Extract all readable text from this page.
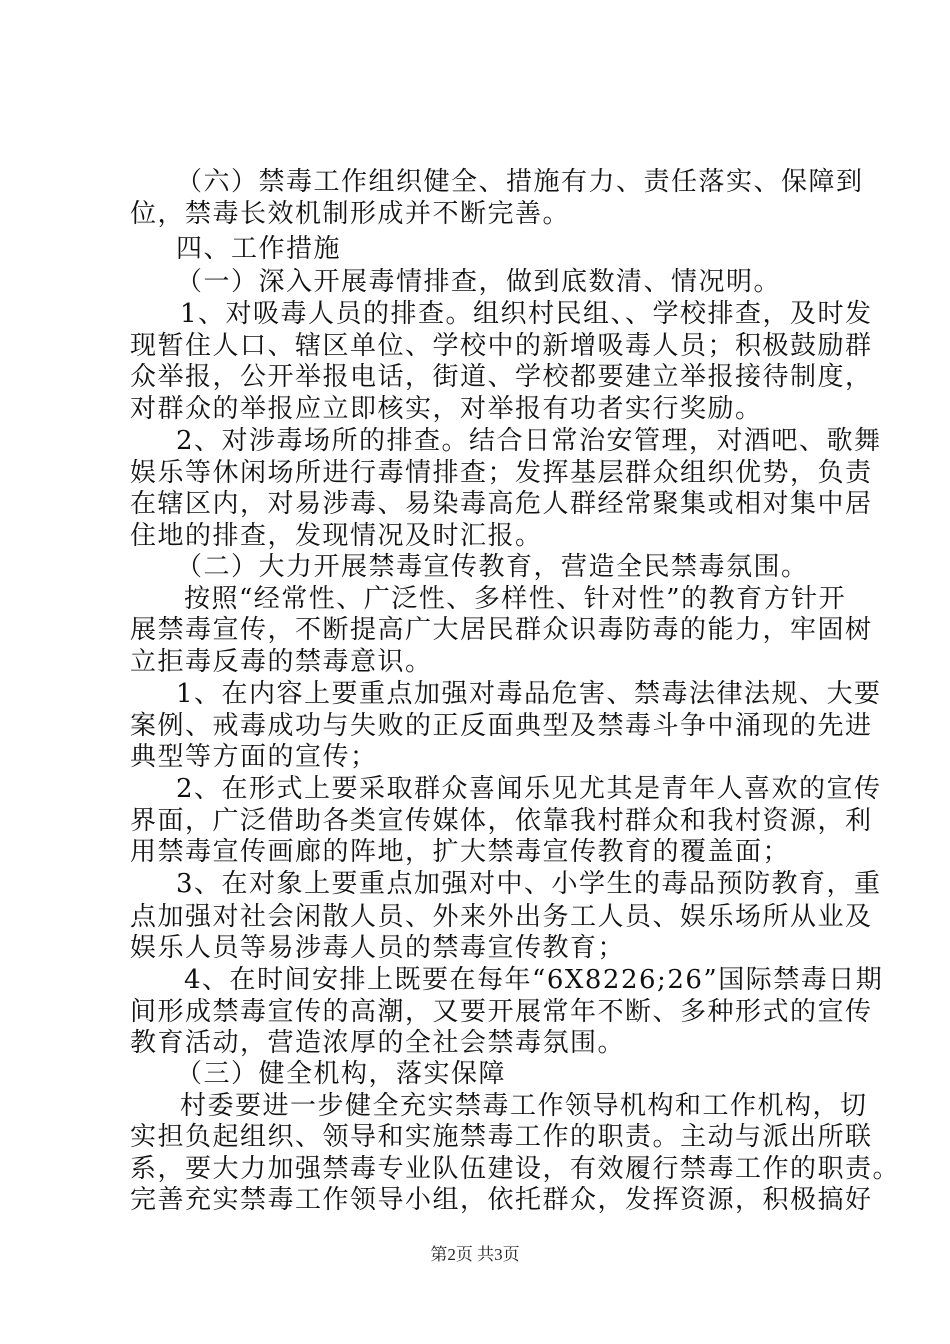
（六）禁毒工作组织健全、措施有力、责任落实、保障到
位，禁毒长效机制形成并不断完善。
四、工作措施
（一）深入开展毒情排查，做到底数清、情况明。
1、对吸毒人员的排查。组织村民组、、学校排查，及时发
现暂住人口、辖区单位、学校中的新增吸毒人员；积极鼓励群
众举报，公开举报电话，街道、学校都要建立举报接待制度，
对群众的举报应立即核实，对举报有功者实行奖励。
2、对涉毒场所的排查。结合日常治安管理，对酒吧、歌舞
娱乐等休闲场所进行毒情排查；发挥基层群众组织优势，负责
在辖区内，对易涉毒、易染毒高危人群经常聚集或相对集中居
住地的排查，发现情况及时汇报。
（二）大力开展禁毒宣传教育，营造全民禁毒氛围。
按照“经常性、广泛性、多样性、针对性”的教育方针开
展禁毒宣传，不断提高广大居民群众识毒防毒的能力，牢固树
立拒毒反毒的禁毒意识。
1、在内容上要重点加强对毒品危害、禁毒法律法规、大要
案例、戒毒成功与失败的正反面典型及禁毒斗争中涌现的先进
典型等方面的宣传；
2、在形式上要采取群众喜闻乐见尤其是青年人喜欢的宣传
界面，广泛借助各类宣传媒体，依靠我村群众和我村资源，利
用禁毒宣传画廊的阵地，扩大禁毒宣传教育的覆盖面；
3、在对象上要重点加强对中、小学生的毒品预防教育，重
点加强对社会闲散人员、外来外出务工人员、娱乐场所从业及
娱乐人员等易涉毒人员的禁毒宣传教育；
4、在时间安排上既要在每年“6X8226;26”国际禁毒日期
间形成禁毒宣传的高潮，又要开展常年不断、多种形式的宣传
教育活动，营造浓厚的全社会禁毒氛围。
（三）健全机构，落实保障
村委要进一步健全充实禁毒工作领导机构和工作机构，切
实担负起组织、领导和实施禁毒工作的职责。主动与派出所联
系，要大力加强禁毒专业队伍建设，有效履行禁毒工作的职责。
完善充实禁毒工作领导小组，依托群众，发挥资源，积极搞好
第2页 共3页
